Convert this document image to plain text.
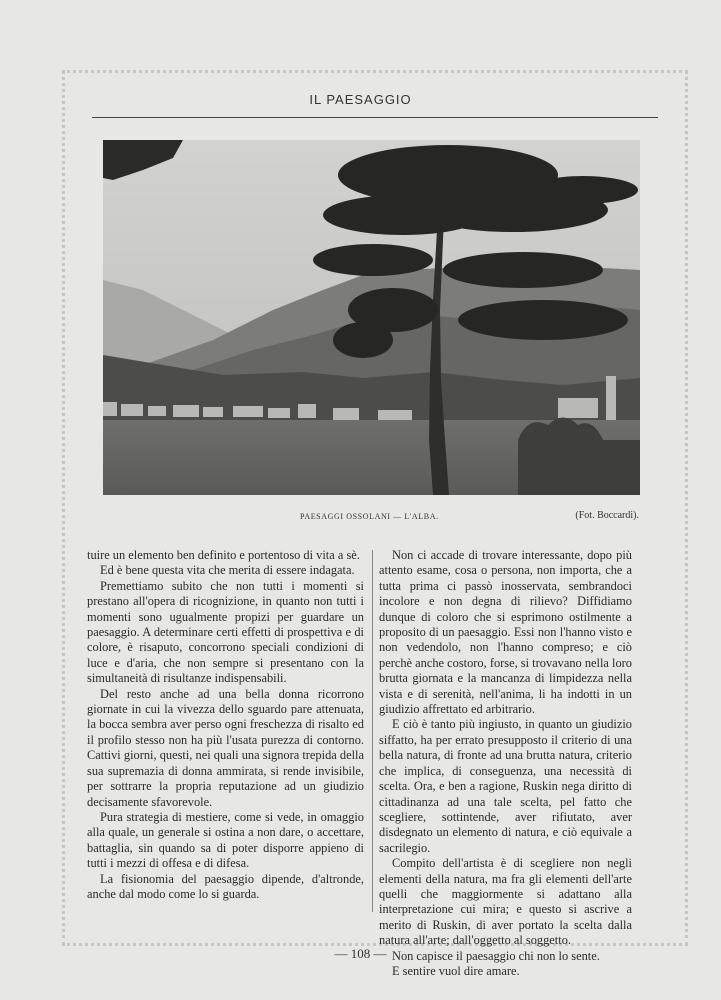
IL PAESAGGIO
PAESAGGI OSSOLANI — L'ALBA.	(Fot. Boccardi).

tuire un elemento ben definito e portentoso di vita a sè.

Ed è bene questa vita che merita di essere indagata.

Premettiamo subito che non tutti i momenti si prestano all'opera di ricognizione, in quanto non tutti i momenti sono ugualmente propizi per guardare un paesaggio. A determinare certi effetti di prospettiva e di colore, è risaputo, concorrono speciali condizioni di luce e d'aria, che non sempre si presentano con la simultaneità di risultanze indispensabili.

Del resto anche ad una bella donna ricorrono giornate in cui la vivezza dello sguardo pare attenuata, la bocca sembra aver perso ogni freschezza di risalto ed il profilo stesso non ha più l'usata purezza di contorno. Cattivi giorni, questi, nei quali una signora trepida della sua supremazia di donna ammirata, si rende invisibile, per sottrarre la propria reputazione ad un giudizio decisamente sfavorevole.

Pura strategia di mestiere, come si vede, in omaggio alla quale, un generale si ostina a non dare, o accettare, battaglia, sin quando sa di poter disporre appieno di tutti i mezzi di offesa e di difesa.

La fisionomia del paesaggio dipende, d'altronde, anche dal modo come lo si guarda.

Non ci accade di trovare interessante, dopo più attento esame, cosa o persona, non importa, che a tutta prima ci passò inosservata, sembrandoci incolore e non degna di rilievo? Diffidiamo dunque di coloro che si esprimono ostilmente a proposito di un paesaggio. Essi non l'hanno visto e non vedendolo, non l'hanno compreso; e ciò perchè anche costoro, forse, si trovavano nella loro brutta giornata e la mancanza di limpidezza nella vista e di serenità, nell'anima, li ha indotti in un giudizio affrettato ed arbitrario.

E ciò è tanto più ingiusto, in quanto un giudizio siffatto, ha per errato presupposto il criterio di una bella natura, di fronte ad una brutta natura, criterio che implica, di conseguenza, una necessità di scelta. Ora, e ben a ragione, Ruskin nega diritto di cittadinanza ad una tale scelta, pel fatto che scegliere, sottintende, aver rifiutato, aver disdegnato un elemento di natura, e ciò equivale a sacrilegio.

Compito dell'artista è di scegliere non negli elementi della natura, ma fra gli elementi dell'arte quelli che maggiormente si adattano alla interpretazione cui mira; e questo si ascrive a merito di Ruskin, di aver portato la scelta dalla natura all'arte; dall'oggetto al soggetto.

Non capisce il paesaggio chi non lo sente.

E sentire vuol dire amare.

— 108 —
